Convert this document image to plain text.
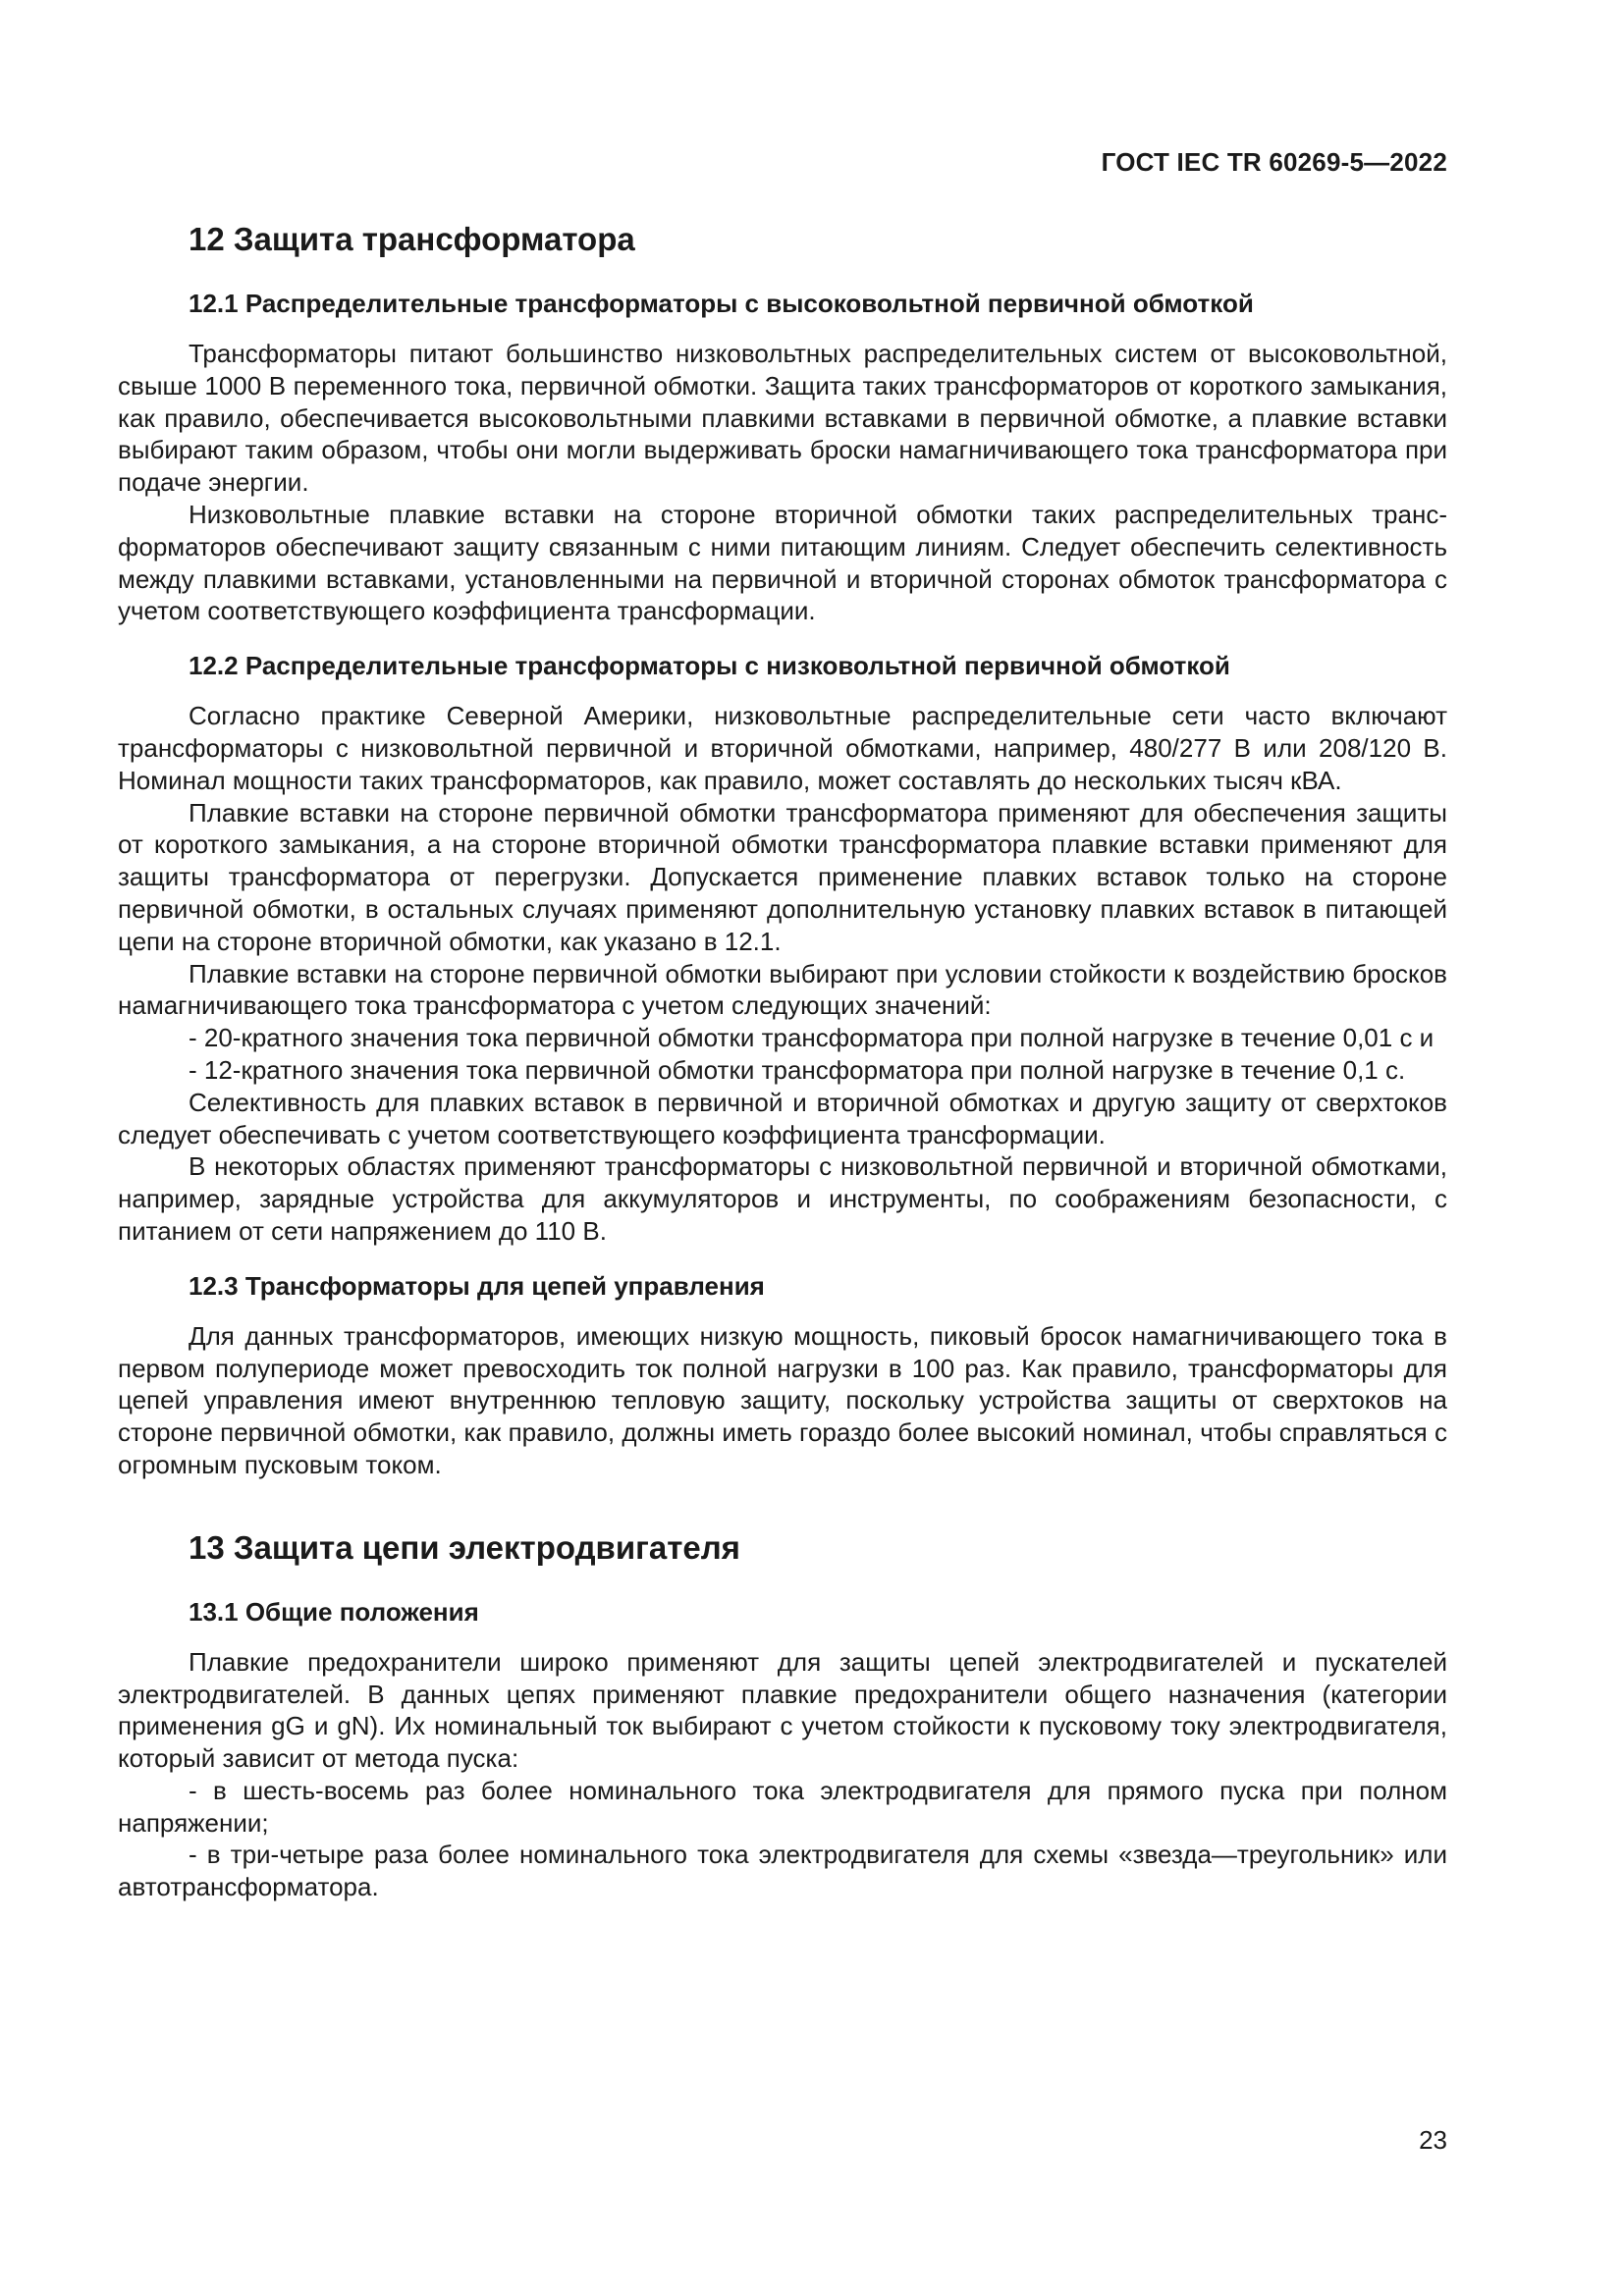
ГОСТ IEC TR 60269-5—2022
12 Защита трансформатора
12.1 Распределительные трансформаторы с высоковольтной первичной обмоткой

Трансформаторы питают большинство низковольтных распределительных систем от высоковольтной, свыше 1000 В переменного тока, первичной обмотки. Защита таких трансформаторов от короткого замыкания, как правило, обеспечивается высоковольтными плавкими вставками в первичной обмотке, а плавкие вставки выбирают таким образом, чтобы они могли выдерживать броски намагничивающего тока трансформатора при подаче энергии.

Низковольтные плавкие вставки на стороне вторичной обмотки таких распределительных трансформаторов обеспечивают защиту связанным с ними питающим линиям. Следует обеспечить селективность между плавкими вставками, установленными на первичной и вторичной сторонах обмоток трансформатора с учетом соответствующего коэффициента трансформации.

12.2 Распределительные трансформаторы с низковольтной первичной обмоткой

Согласно практике Северной Америки, низковольтные распределительные сети часто включают трансформаторы с низковольтной первичной и вторичной обмотками, например, 480/277 В или 208/120 В. Номинал мощности таких трансформаторов, как правило, может составлять до нескольких тысяч кВА.

Плавкие вставки на стороне первичной обмотки трансформатора применяют для обеспечения защиты от короткого замыкания, а на стороне вторичной обмотки трансформатора плавкие вставки применяют для защиты трансформатора от перегрузки. Допускается применение плавких вставок только на стороне первичной обмотки, в остальных случаях применяют дополнительную установку плавких вставок в питающей цепи на стороне вторичной обмотки, как указано в 12.1.

Плавкие вставки на стороне первичной обмотки выбирают при условии стойкости к воздействию бросков намагничивающего тока трансформатора с учетом следующих значений:

- 20-кратного значения тока первичной обмотки трансформатора при полной нагрузке в течение 0,01 с и

- 12-кратного значения тока первичной обмотки трансформатора при полной нагрузке в течение 0,1 с.

Селективность для плавких вставок в первичной и вторичной обмотках и другую защиту от сверхтоков следует обеспечивать с учетом соответствующего коэффициента трансформации.

В некоторых областях применяют трансформаторы с низковольтной первичной и вторичной обмотками, например, зарядные устройства для аккумуляторов и инструменты, по соображениям безопасности, с питанием от сети напряжением до 110 В.

12.3 Трансформаторы для цепей управления

Для данных трансформаторов, имеющих низкую мощность, пиковый бросок намагничивающего тока в первом полупериоде может превосходить ток полной нагрузки в 100 раз. Как правило, трансформаторы для цепей управления имеют внутреннюю тепловую защиту, поскольку устройства защиты от сверхтоков на стороне первичной обмотки, как правило, должны иметь гораздо более высокий номинал, чтобы справляться с огромным пусковым током.

13 Защита цепи электродвигателя
13.1 Общие положения

Плавкие предохранители широко применяют для защиты цепей электродвигателей и пускателей электродвигателей. В данных цепях применяют плавкие предохранители общего назначения (категории применения gG и gN). Их номинальный ток выбирают с учетом стойкости к пусковому току электродвигателя, который зависит от метода пуска:

- в шесть-восемь раз более номинального тока электродвигателя для прямого пуска при полном напряжении;

- в три-четыре раза более номинального тока электродвигателя для схемы «звезда—треугольник» или автотрансформатора.

23
